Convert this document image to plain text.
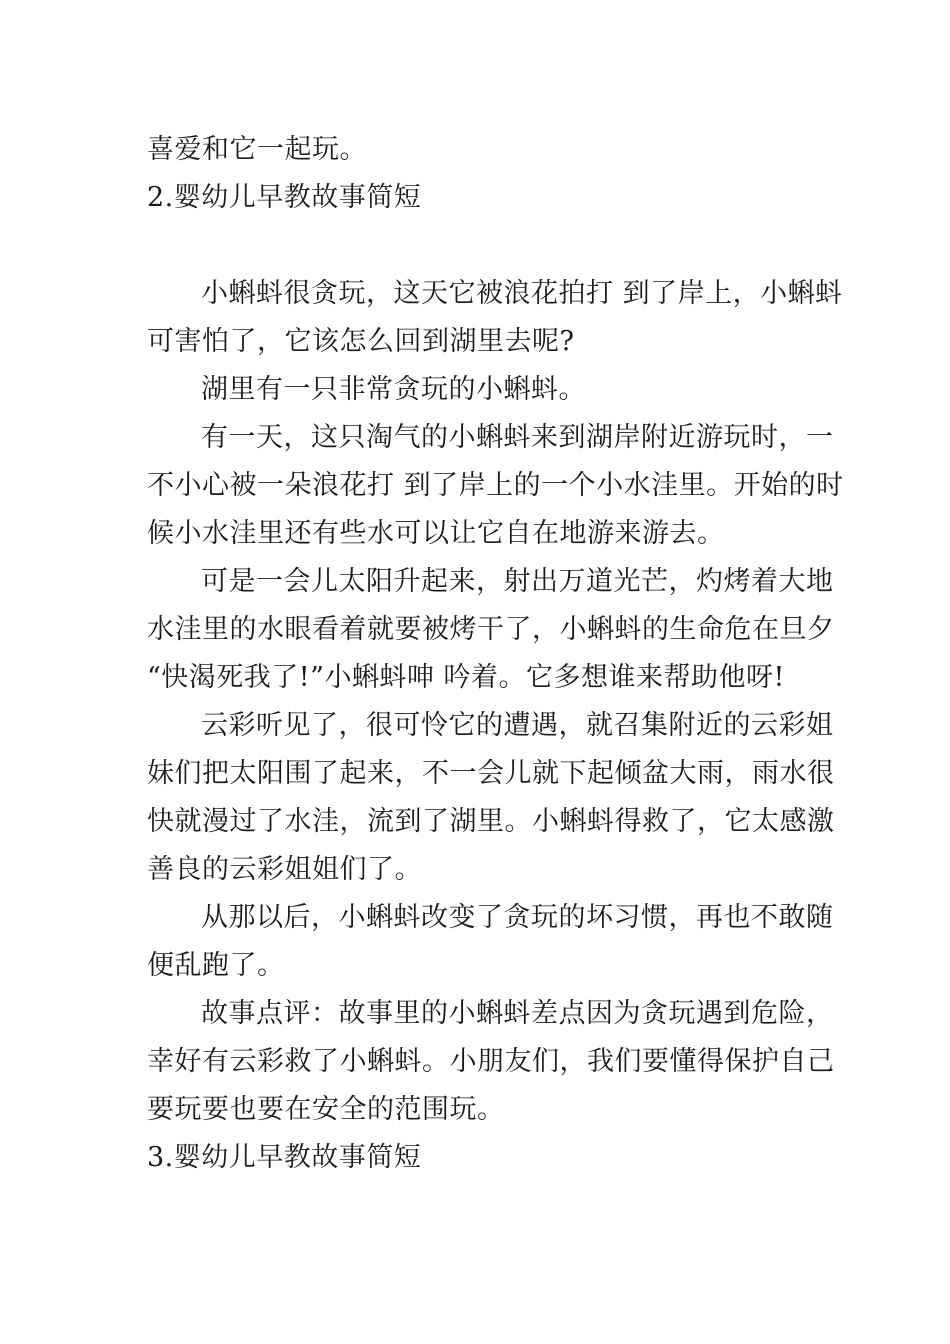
喜爱和它一起玩。
2.婴幼儿早教故事简短
小蝌蚪很贪玩，这天它被浪花拍打 到了岸上，小蝌蚪
可害怕了，它该怎么回到湖里去呢?
湖里有一只非常贪玩的小蝌蚪。
有一天，这只淘气的小蝌蚪来到湖岸附近游玩时，一
不小心被一朵浪花打 到了岸上的一个小水洼里。开始的时
候小水洼里还有些水可以让它自在地游来游去。
可是一会儿太阳升起来，射出万道光芒，灼烤着大地
水洼里的水眼看着就要被烤干了，小蝌蚪的生命危在旦夕
“快渴死我了!”小蝌蚪呻 吟着。它多想谁来帮助他呀!
云彩听见了，很可怜它的遭遇，就召集附近的云彩姐
妹们把太阳围了起来，不一会儿就下起倾盆大雨，雨水很
快就漫过了水洼，流到了湖里。小蝌蚪得救了，它太感激
善良的云彩姐姐们了。
从那以后，小蝌蚪改变了贪玩的坏习惯，再也不敢随
便乱跑了。
故事点评：故事里的小蝌蚪差点因为贪玩遇到危险，
幸好有云彩救了小蝌蚪。小朋友们，我们要懂得保护自己
要玩要也要在安全的范围玩。
3.婴幼儿早教故事简短
